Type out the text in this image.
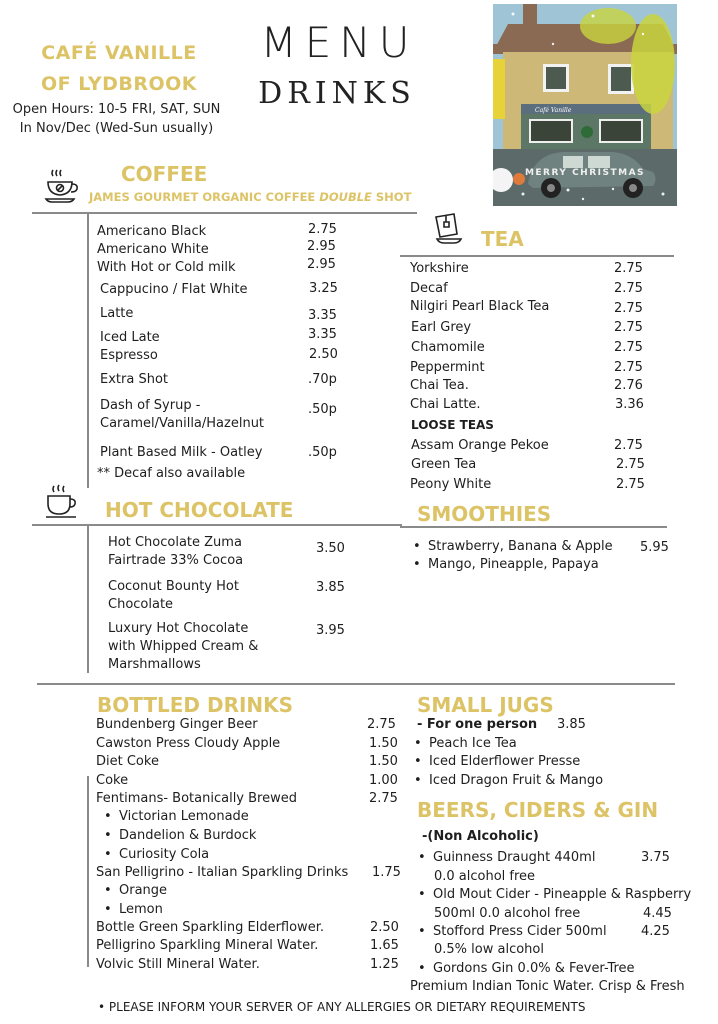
CAFÉ VANILLE
OF LYDBROOK
Open Hours: 10-5 FRI, SAT, SUN
In Nov/Dec (Wed-Sun usually)
MENU
DRINKS	Café Vanille
MERRY CHRISTMAS
COFFEE
JAMES GOURMET ORGANIC COFFEE DOUBLE SHOT
Americano Black	2.75
Americano White	2.95
With Hot or Cold milk	2.95
Cappucino / Flat White	3.25
Latte	3.35
Iced Late	3.35
Espresso	2.50
Extra Shot	.70p
Dash of Syrup -
Caramel/Vanilla/Hazelnut
.50p
Plant Based Milk - Oatley	.50p
** Decaf also available
TEA
Yorkshire	2.75
Decaf	2.75
Nilgiri Pearl Black Tea	2.75
Earl Grey	2.75
Chamomile	2.75
Peppermint	2.75
Chai Tea.	2.76
Chai Latte.	3.36
LOOSE TEAS
Assam Orange Pekoe	2.75
Green Tea	2.75
Peony White	2.75
HOT CHOCOLATE
Hot Chocolate Zuma
Fairtrade 33% Cocoa
3.50
Coconut Bounty Hot
Chocolate
3.85
Luxury Hot Chocolate
with Whipped Cream &
Marshmallows
3.95
SMOOTHIES
• Strawberry, Banana & Apple 5.95
• Mango, Pineapple, Papaya
BOTTLED DRINKS
Bundenberg Ginger Beer	2.75
Cawston Press Cloudy Apple	1.50
Diet Coke	1.50
Coke	1.00
Fentimans- Botanically Brewed	2.75
• Victorian Lemonade
• Dandelion & Burdock
• Curiosity Cola
San Pelligrino - Italian Sparkling Drinks 1.75
• Orange
• Lemon
Bottle Green Sparkling Elderflower.	2.50
Pelligrino Sparkling Mineral Water.	1.65
Volvic Still Mineral Water.	1.25
SMALL JUGS
- For one person 3.85
• Peach Ice Tea
• Iced Elderflower Presse
• Iced Dragon Fruit & Mango
BEERS, CIDERS & GIN
-(Non Alcoholic)
• Guinness Draught 440ml	3.75
0.0 alcohol free
• Old Mout Cider - Pineapple & Raspberry
500ml 0.0 alcohol free	4.45
• Stofford Press Cider 500ml	4.25
0.5% low alcohol
• Gordons Gin 0.0% & Fever-Tree
Premium Indian Tonic Water. Crisp & Fresh
• PLEASE INFORM YOUR SERVER OF ANY ALLERGIES OR DIETARY REQUIREMENTS
